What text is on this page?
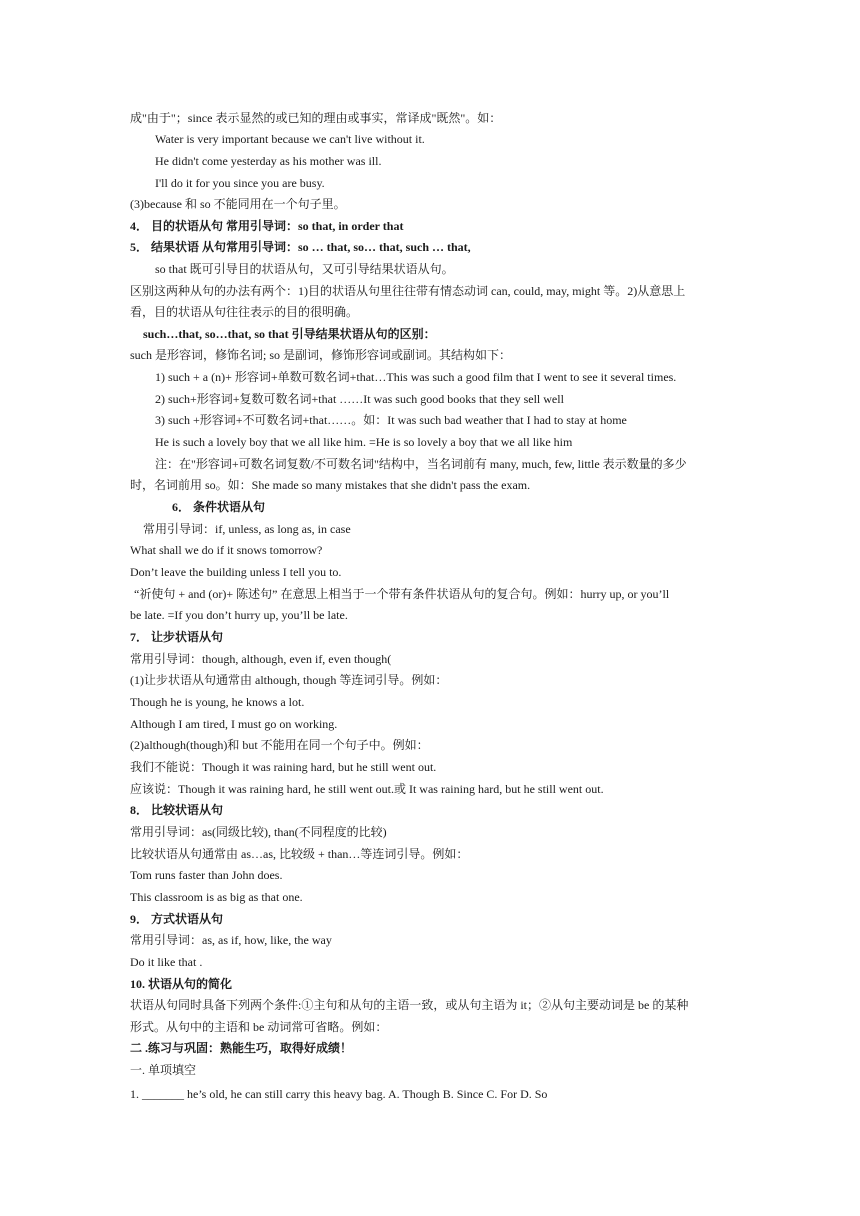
成"由于"；since 表示显然的或已知的理由或事实，常译成"既然"。如：
Water is very important because we can't live without it.
He didn't come yesterday as his mother was ill.
I'll do it for you since you are busy.
(3)because 和 so 不能同用在一个句子里。
4． 目的状语从句 常用引导词：so that, in order that
5． 结果状语 从句常用引导词：so … that, so… that, such … that,
so that 既可引导目的状语从句，又可引导结果状语从句。
区别这两种从句的办法有两个：1)目的状语从句里往往带有情态动词 can, could, may, might 等。2)从意思上
看，目的状语从句往往表示的目的很明确。
such…that, so…that, so that 引导结果状语从句的区别：
such 是形容词，修饰名词; so 是副词，修饰形容词或副词。其结构如下：
1) such + a (n)+ 形容词+单数可数名词+that…This was such a good film that I went to see it several times.
2) such+形容词+复数可数名词+that ……It was such good books that they sell well
3) such +形容词+不可数名词+that……。如：It was such bad weather that I had to stay at home
He is such a lovely boy that we all like him. =He is so lovely a boy that we all like him
注：在"形容词+可数名词复数/不可数名词"结构中，当名词前有 many, much, few, little 表示数量的多少
时，名词前用 so。如：She made so many mistakes that she didn't pass the exam.
6． 条件状语从句
常用引导词：if, unless, as long as, in case
What shall we do if it snows tomorrow?
Don’t leave the building unless I tell you to.
“祈使句 + and (or)+ 陈述句” 在意思上相当于一个带有条件状语从句的复合句。例如：hurry up, or you’ll
be late. =If you don’t hurry up, you’ll be late.
7． 让步状语从句
常用引导词：though, although, even if, even though(
(1)让步状语从句通常由 although, though 等连词引导。例如：
Though he is young, he knows a lot.
Although I am tired, I must go on working.
(2)although(though)和 but 不能用在同一个句子中。例如：
我们不能说：Though it was raining hard, but he still went out.
应该说：Though it was raining hard, he still went out.或 It was raining hard, but he still went out.
8． 比较状语从句
常用引导词：as(同级比较), than(不同程度的比较)
比较状语从句通常由 as…as, 比较级 + than…等连词引导。例如：
Tom runs faster than John does.
This classroom is as big as that one.
9． 方式状语从句
常用引导词：as, as if, how, like, the way
Do it like that .
10. 状语从句的简化
状语从句同时具备下列两个条件:①主句和从句的主语一致，或从句主语为 it；②从句主要动词是 be 的某种
形式。从句中的主语和 be 动词常可省略。例如：
二 .练习与巩固：熟能生巧，取得好成绩！
一. 单项填空
1. _______ he’s old, he can still carry this heavy bag. A. Though B. Since C. For D. So
